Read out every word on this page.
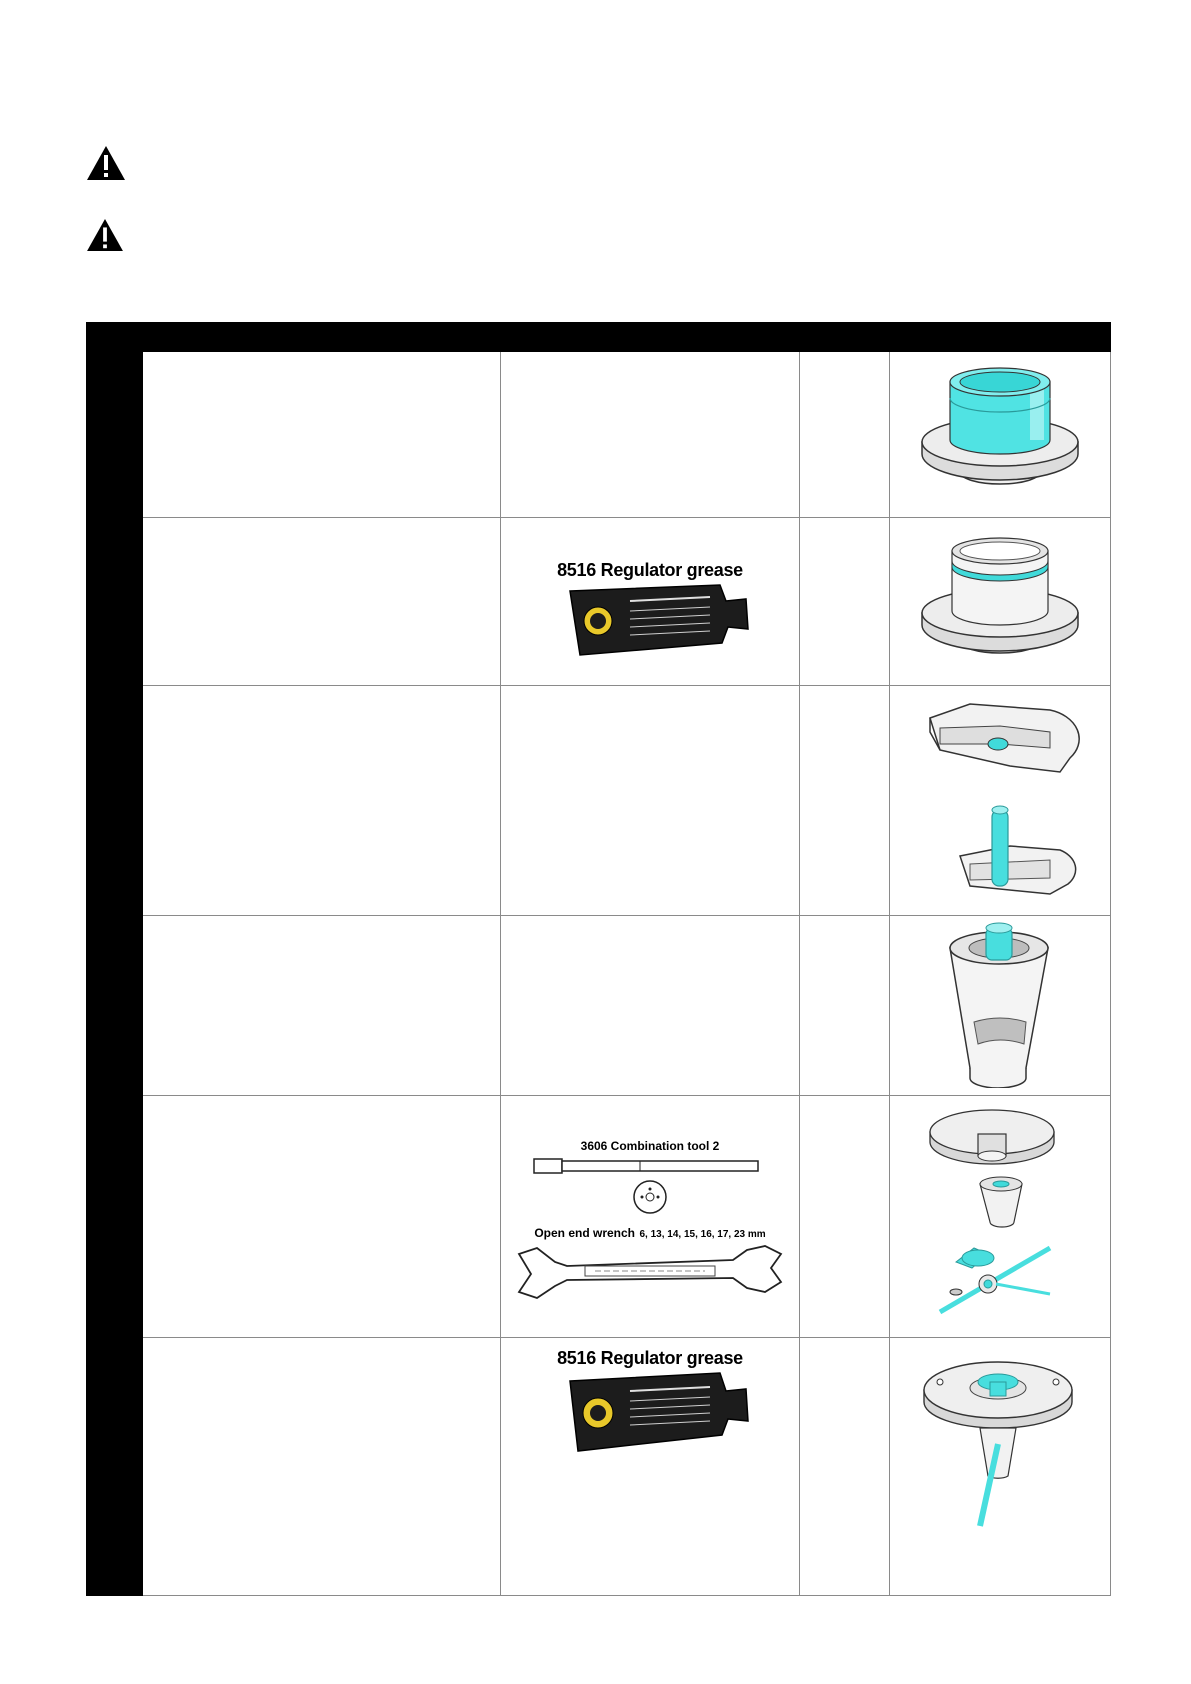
		8516 Regulator grease

		3606 Combination tool 2
Open end wrench 6, 13, 14, 15, 16, 17, 23 mm

		8516 Regulator grease
